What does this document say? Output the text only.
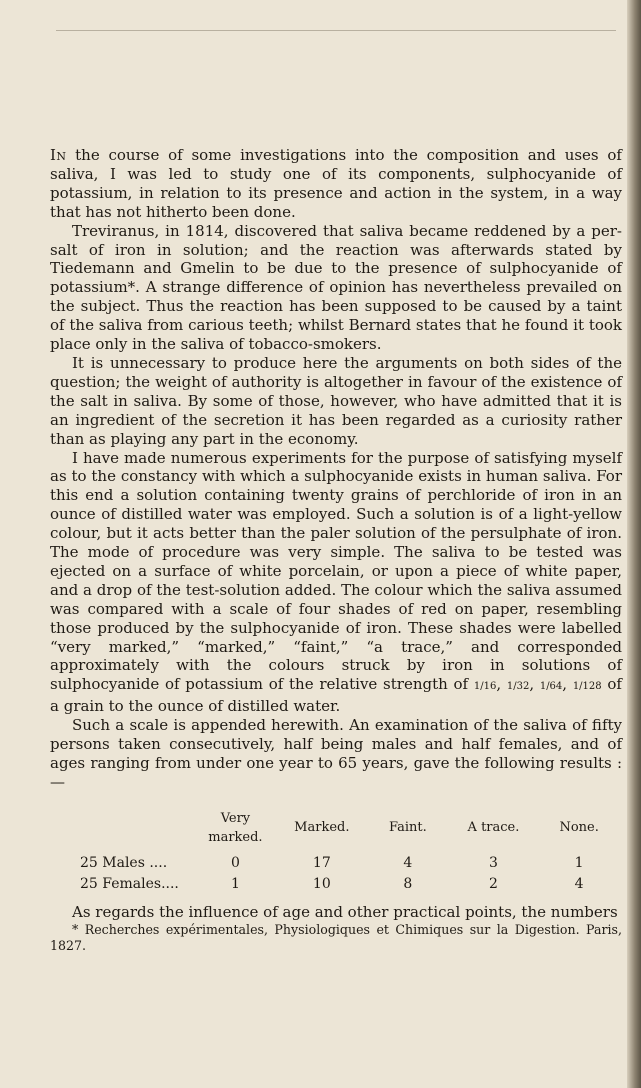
In the course of some investigations into the composition and uses of saliva, I was led to study one of its components, sulphocyanide of potassium, in relation to its presence and action in the system, in a way that has not hitherto been done.

Treviranus, in 1814, discovered that saliva became reddened by a per-salt of iron in solution; and the reaction was afterwards stated by Tiedemann and Gmelin to be due to the presence of sulphocyanide of potassium*. A strange difference of opinion has nevertheless prevailed on the subject. Thus the reaction has been supposed to be caused by a taint of the saliva from carious teeth; whilst Bernard states that he found it took place only in the saliva of tobacco-smokers.

It is unnecessary to produce here the arguments on both sides of the question; the weight of authority is altogether in favour of the existence of the salt in saliva. By some of those, however, who have admitted that it is an ingredient of the secretion it has been regarded as a curiosity rather than as playing any part in the economy.

I have made numerous experiments for the purpose of satisfying myself as to the constancy with which a sulphocyanide exists in human saliva. For this end a solution containing twenty grains of perchloride of iron in an ounce of distilled water was employed. Such a solution is of a light-yellow colour, but it acts better than the paler solution of the persulphate of iron. The mode of procedure was very simple. The saliva to be tested was ejected on a surface of white porcelain, or upon a piece of white paper, and a drop of the test-solution added. The colour which the saliva assumed was compared with a scale of four shades of red on paper, resembling those produced by the sulphocyanide of iron. These shades were labelled “very marked,” “marked,” “faint,” “a trace,” and corresponded approximately with the colours struck by iron in solutions of sulphocyanide of potassium of the relative strength of 1/16, 1/32, 1/64, 1/128 of a grain to the ounce of distilled water.

Such a scale is appended herewith. An examination of the saliva of fifty persons taken consecutively, half being males and half females, and of ages ranging from under one year to 65 years, gave the following results :—

	Very marked.	Marked.	Faint.	A trace.	None.
25 Males ....	0	17	4	3	1
25 Females....	1	10	8	2	4

As regards the influence of age and other practical points, the numbers

* Recherches expérimentales, Physiologiques et Chimiques sur la Digestion. Paris, 1827.
